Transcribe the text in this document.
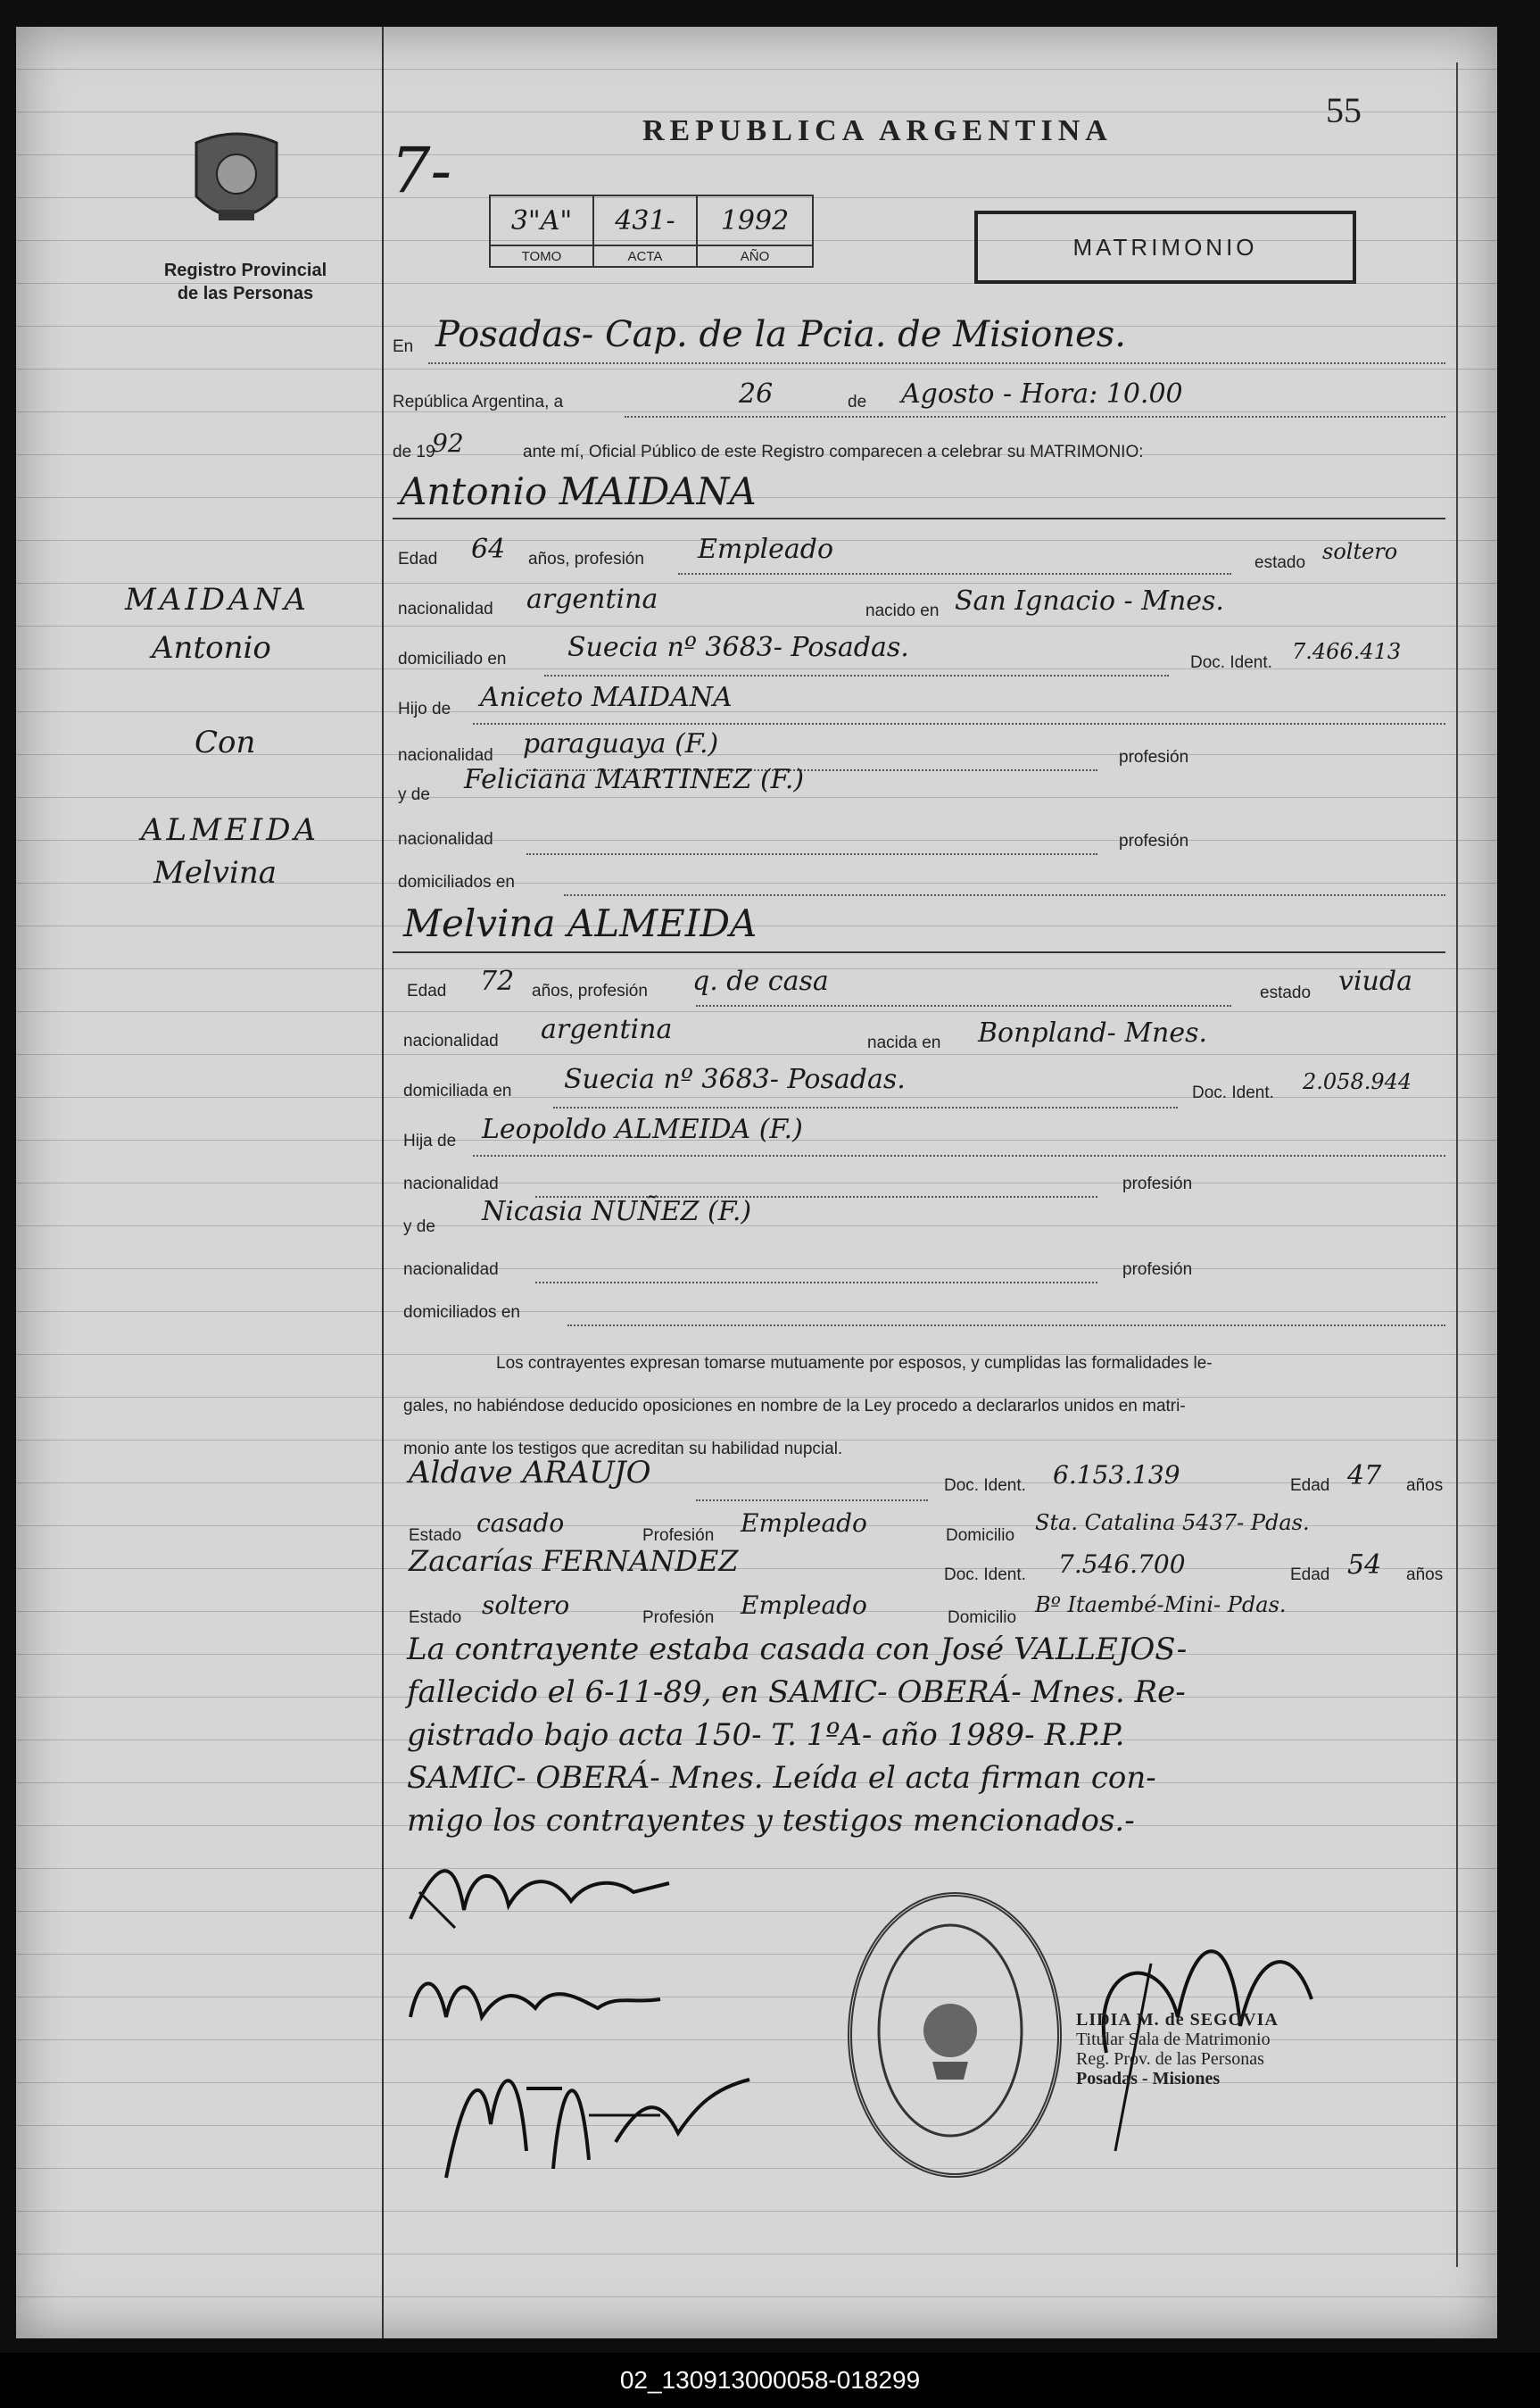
Registro Provincial
de las Personas
REPUBLICA ARGENTINA
55
7-
MATRIMONIO
3"A"	431-	1992
TOMO	ACTA	AÑO
MAIDANA
Antonio
Con
ALMEIDA
Melvina
En Posadas- Cap. de la Pcia. de Misiones.
República Argentina, a	26	de Agosto - Hora: 10.00
de 19
92	ante mí, Oficial Público de este Registro comparecen a celebrar su MATRIMONIO:
Antonio MAIDANA
Edad 64 años, profesión Empleado	estado soltero
nacionalidad argentina	nacido en San Ignacio - Mnes.
domiciliado en Suecia nº 3683- Posadas.	Doc. Ident. 7.466.413
Hijo de Aniceto MAIDANA
nacionalidad paraguaya (F.)	profesión
y de Feliciana MARTINEZ (F.)
nacionalidad	profesión
domiciliados en
Melvina ALMEIDA
Edad 72 años, profesión q. de casa	estado viuda
nacionalidad argentina	nacida en Bonpland- Mnes.
domiciliada en Suecia nº 3683- Posadas.	Doc. Ident. 2.058.944
Hija de Leopoldo ALMEIDA (F.)
nacionalidad	profesión
y de Nicasia NUÑEZ (F.)
nacionalidad	profesión
domiciliados en
Los contrayentes expresan tomarse mutuamente por esposos, y cumplidas las formalidades le-
gales, no habiéndose deducido oposiciones en nombre de la Ley procedo a declararlos unidos en matri-
monio ante los testigos que acreditan su habilidad nupcial.
Aldave ARAUJO	Doc. Ident. 6.153.139	Edad 47 años
Estado casado	Profesión Empleado	Domicilio
Sta. Catalina 5437- Pdas.
Zacarías FERNANDEZ	Doc. Ident. 7.546.700	Edad 54 años
Estado soltero	Profesión Empleado	Domicilio
Bº Itaembé-Mini- Pdas.
La contrayente estaba casada con José VALLEJOS-
fallecido el 6-11-89, en SAMIC- OBERÁ- Mnes. Re-
gistrado bajo acta 150- T. 1ºA- año 1989- R.P.P.
SAMIC- OBERÁ- Mnes. Leída el acta firman con-
migo los contrayentes y testigos mencionados.-
LIDIA M. de SEGOVIA
Titular Sala de Matrimonio
Reg. Prov. de las Personas
Posadas - Misiones
02_130913000058-018299
